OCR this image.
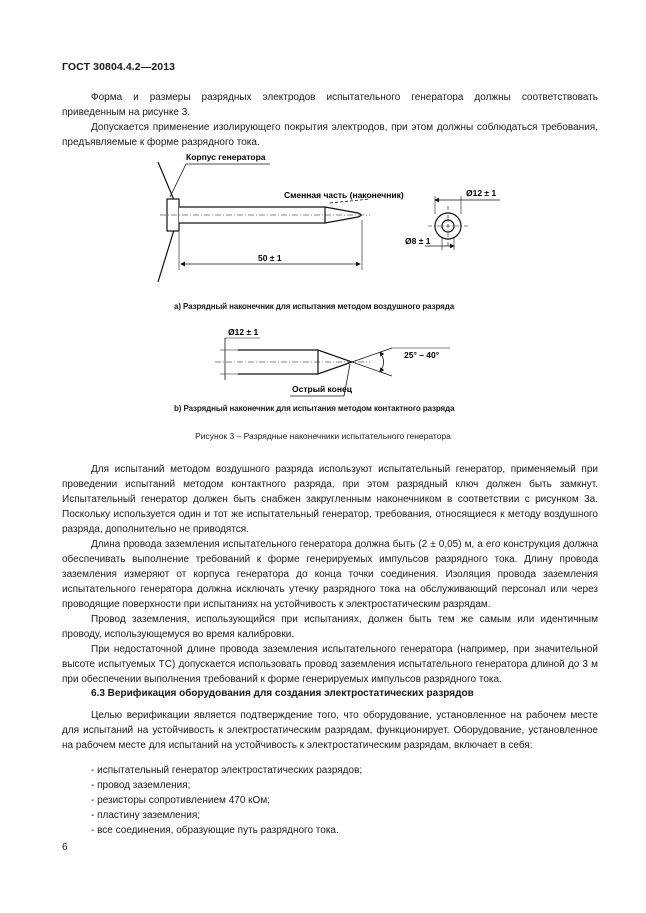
ГОСТ 30804.4.2—2013

Форма и размеры разрядных электродов испытательного генератора должны соответствовать приведенным на рисунке 3.

Допускается применение изолирующего покрытия электродов, при этом должны соблюдаться требования, предъявляемые к форме разрядного тока.

Корпус генератора
Сменная часть (наконечник)
50 ± 1
Ø12 ± 1
Ø8 ± 1
Ø12 ± 1
25° – 40°
Острый конец
а) Разрядный наконечник для испытания методом воздушного разряда
b) Разрядный наконечник для испытания методом контактного разряда
Рисунок 3 – Разрядные наконечники испытательного генератора

Для испытаний методом воздушного разряда используют испытательный генератор, применяемый при проведении испытаний методом контактного разряда, при этом разрядный ключ должен быть замкнут. Испытательный генератор должен быть снабжен закругленным наконечником в соответствии с рисунком 3а. Поскольку используется один и тот же испытательный генератор, требования, относящиеся к методу воздушного разряда, дополнительно не приводятся.

Длина провода заземления испытательного генератора должна быть (2 ± 0,05) м, а его конструкция должна обеспечивать выполнение требований к форме генерируемых импульсов разрядного тока. Длину провода заземления измеряют от корпуса генератора до конца точки соединения. Изоляция провода заземления испытательного генератора должна исключать утечку разрядного тока на обслуживающий персонал или через проводящие поверхности при испытаниях на устойчивость к электростатическим разрядам.

Провод заземления, использующийся при испытаниях, должен быть тем же самым или идентичным проводу, использующемуся во время калибровки.

При недостаточной длине провода заземления испытательного генератора (например, при значительной высоте испытуемых ТС) допускается использовать провод заземления испытательного генератора длиной до 3 м при обеспечении выполнения требований к форме генерируемых импульсов разрядного тока.

6.3 Верификация оборудования для создания электростатических разрядов

Целью верификации является подтверждение того, что оборудование, установленное на рабочем месте для испытаний на устойчивость к электростатическим разрядам, функционирует. Оборудование, установленное на рабочем месте для испытаний на устойчивость к электростатическим разрядам, включает в себя:

- испытательный генератор электростатических разрядов;
- провод заземления;
- резисторы сопротивлением 470 кОм;
- пластину заземления;
- все соединения, образующие путь разрядного тока.
6
